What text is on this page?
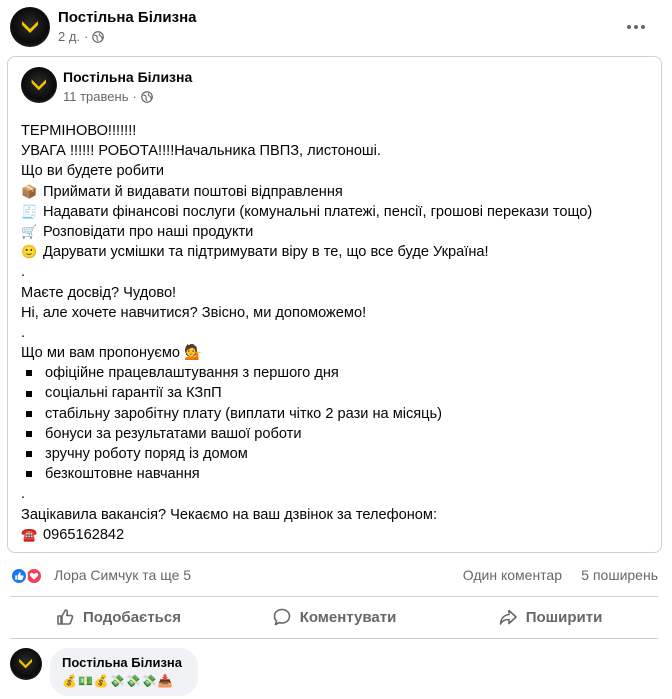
Постільна Білизна
2 д. ·
Постільна Білизна
11 травень ·
ТЕРМІНОВО!!!!!!!
УВАГА !!!!!! РОБОТА!!!!Начальника ПВПЗ, листоноші.
Що ви будете робити
📦 Приймати й видавати поштові відправлення
🧾 Надавати фінансові послуги (комунальні платежі, пенсії, грошові перекази тощо)
🛒 Розповідати про наші продукти
🙂 Дарувати усмішки та підтримувати віру в те, що все буде Україна!
.
Маєте досвід? Чудово!
Ні, але хочете навчитися? Звісно, ми допоможемо!
.
Що ми вам пропонуємо 💁
офіційне працевлаштування з першого дня
соціальні гарантії за КЗпП
стабільну заробітну плату (виплати чітко 2 рази на місяць)
бонуси за результатами вашої роботи
зручну роботу поряд із домом
безкоштовне навчання
.
Зацікавила вакансія? Чекаємо на ваш дзвінок за телефоном:
☎️ 0965162842
Лора Симчук та ще 5	Один коментар 5 поширень
Подобається	Коментувати	Поширити
Постільна Білизна
💰💵💰💸💸💸📥
